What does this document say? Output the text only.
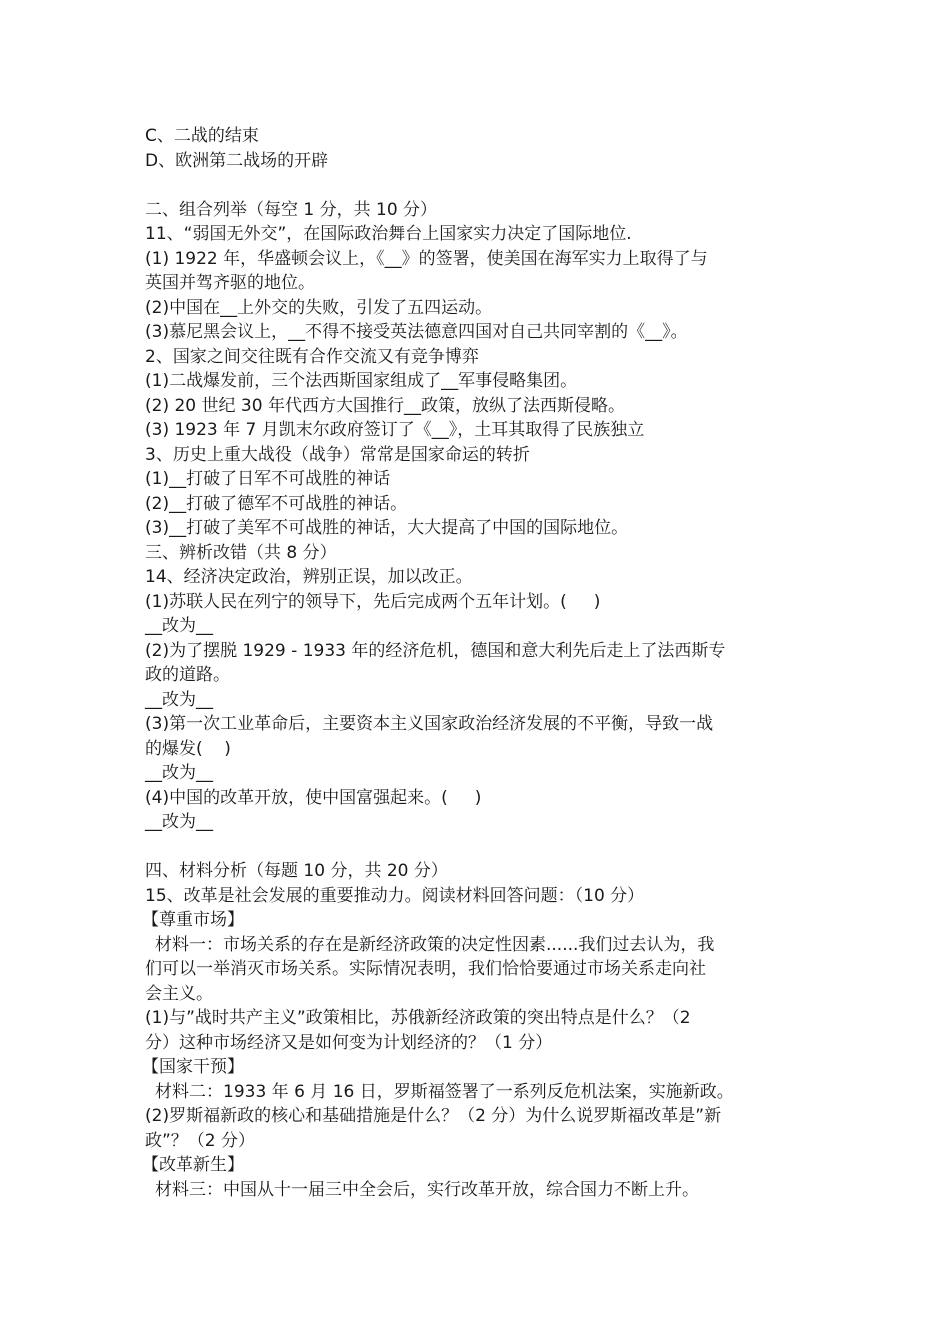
C、二战的结束
D、欧洲第二战场的开辟
二、组合列举（每空 1 分，共 10 分）
11、“弱国无外交”，在国际政治舞台上国家实力决定了国际地位.
(1) 1922 年，华盛顿会议上，《__》的签署，使美国在海军实力上取得了与
英国并驾齐驱的地位。
(2)中国在__上外交的失败，引发了五四运动。
(3)慕尼黑会议上，__不得不接受英法德意四国对自己共同宰割的《__》。
2、国家之间交往既有合作交流又有竞争博弈
(1)二战爆发前，三个法西斯国家组成了__军事侵略集团。
(2) 20 世纪 30 年代西方大国推行__政策，放纵了法西斯侵略。
(3) 1923 年 7 月凯末尔政府签订了《__》，土耳其取得了民族独立
3、历史上重大战役（战争）常常是国家命运的转折
(1)__打破了日军不可战胜的神话
(2)__打破了德军不可战胜的神话。
(3)__打破了美军不可战胜的神话，大大提高了中国的国际地位。
三、辨析改错（共 8 分）
14、经济决定政治，辨别正误，加以改正。
(1)苏联人民在列宁的领导下，先后完成两个五年计划。(     )
__改为__
(2)为了摆脱 1929 - 1933 年的经济危机，德国和意大利先后走上了法西斯专
政的道路。
__改为__
(3)第一次工业革命后，主要资本主义国家政治经济发展的不平衡，导致一战
的爆发(    )
__改为__
(4)中国的改革开放，使中国富强起来。(     )
__改为__
四、材料分析（每题 10 分，共 20 分）
15、改革是社会发展的重要推动力。阅读材料回答问题：（10 分）
【尊重市场】
材料一：市场关系的存在是新经济政策的决定性因素......我们过去认为，我
们可以一举消灭市场关系。实际情况表明，我们恰恰要通过市场关系走向社
会主义。
(1)与”战时共产主义”政策相比，苏俄新经济政策的突出特点是什么？（2
分）这种市场经济又是如何变为计划经济的？（1 分）
【国家干预】
材料二：1933 年 6 月 16 日，罗斯福签署了一系列反危机法案，实施新政。
(2)罗斯福新政的核心和基础措施是什么？（2 分）为什么说罗斯福改革是”新
政”？（2 分）
【改革新生】
材料三：中国从十一届三中全会后，实行改革开放，综合国力不断上升。
